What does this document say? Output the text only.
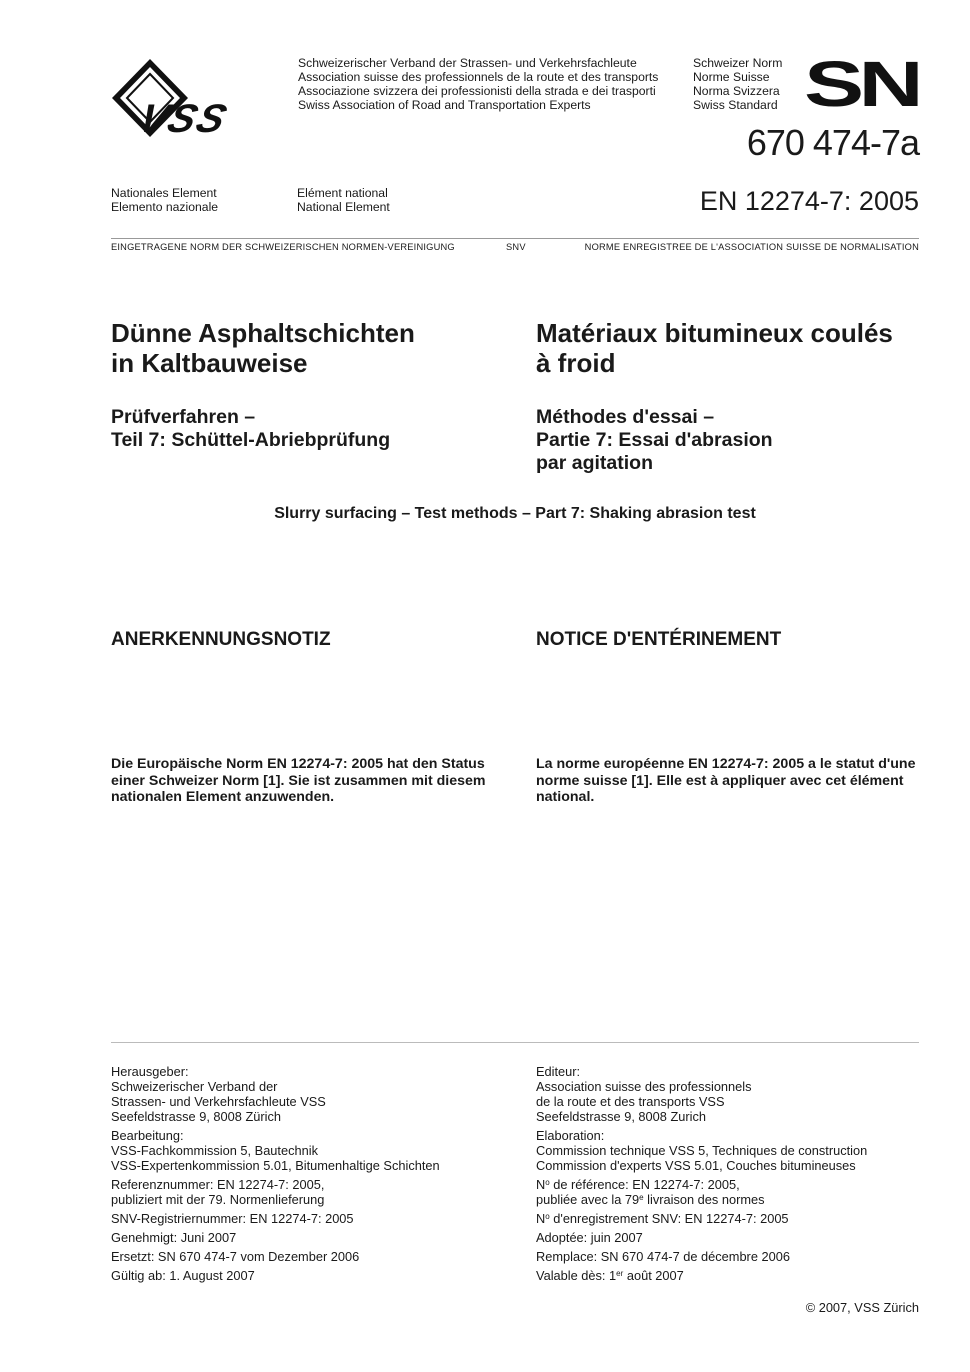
VSS
Schweizerischer Verband der Strassen- und Verkehrsfachleute
Association suisse des professionnels de la route et des transports
Associazione svizzera dei professionisti della strada e dei trasporti
Swiss Association of Road and Transportation Experts
Schweizer Norm
Norme Suisse
Norma Svizzera
Swiss Standard SN
670 474-7a
Nationales Element
Elemento nazionale
Elément national
National Element	EN 12274-7: 2005
EINGETRAGENE NORM DER SCHWEIZERISCHEN NORMEN-VEREINIGUNG	SNV	NORME ENREGISTREE DE L'ASSOCIATION SUISSE DE NORMALISATION
Dünne Asphaltschichten
in Kaltbauweise
Matériaux bitumineux coulés
à froid
Prüfverfahren –
Teil 7: Schüttel-Abriebprüfung
Méthodes d'essai –
Partie 7: Essai d'abrasion
par agitation
Slurry surfacing – Test methods – Part 7: Shaking abrasion test
ANERKENNUNGSNOTIZ	NOTICE D'ENTÉRINEMENT
Die Europäische Norm EN 12274-7: 2005 hat den Status
einer Schweizer Norm [1]. Sie ist zusammen mit diesem
nationalen Element anzuwenden.
La norme européenne EN 12274-7: 2005 a le statut d'une
norme suisse [1]. Elle est à appliquer avec cet élément
national.
Herausgeber:
Schweizerischer Verband der
Strassen- und Verkehrsfachleute VSS
Seefeldstrasse 9, 8008 Zürich
Bearbeitung:
VSS-Fachkommission 5, Bautechnik
VSS-Expertenkommission 5.01, Bitumenhaltige Schichten
Referenznummer: EN 12274-7: 2005,
publiziert mit der 79. Normenlieferung
SNV-Registriernummer: EN 12274-7: 2005
Genehmigt: Juni 2007
Ersetzt: SN 670 474-7 vom Dezember 2006
Gültig ab: 1. August 2007
Editeur:
Association suisse des professionnels
de la route et des transports VSS
Seefeldstrasse 9, 8008 Zurich
Elaboration:
Commission technique VSS 5, Techniques de construction
Commission d'experts VSS 5.01, Couches bitumineuses
$N^o$ de référence: EN 12274-7: 2005,
publiée avec la 79e livraison des normes
$N^o$ d'enregistrement SNV: EN 12274-7: 2005
Adoptée: juin 2007
Remplace: SN 670 474-7 de décembre 2006
Valable dès: 1er août 2007
© 2007, VSS Zürich
